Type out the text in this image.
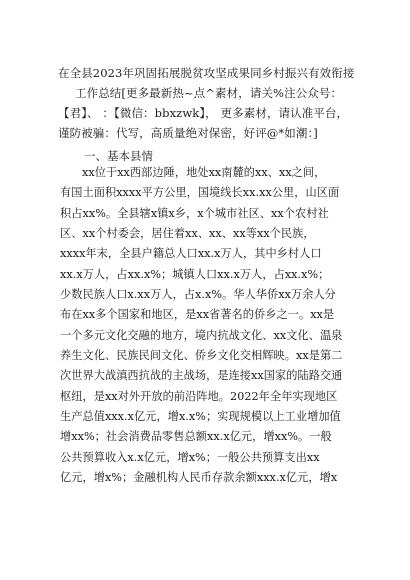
在全县2023年巩固拓展脱贫攻坚成果同乡村振兴有效衔接
工作总结[更多最新热~点^素材，请关%注公众号：
【君】、 ：【微信：bbxzwk】， 更多素材，请认准平台，
谨防被骗：代写，高质量绝对保密，好评@*如潮：]
一、基本县情
xx位于xx西部边陲，地处xx南麓的xx、xx之间，
有国土面积xxxx平方公里，国境线长xx.xx公里，山区面
积占xx%。全县辖x镇x乡，x个城市社区、xx个农村社
区、xx个村委会，居住着xx、xx、xx等xx个民族，
xxxx年末，全县户籍总人口xx.x万人，其中乡村人口
xx.x万人，占xx.x%；城镇人口xx.x万人，占xx.x%；
少数民族人口x.xx万人，占x.x%。华人华侨xx万余人分
布在xx多个国家和地区，是xx省著名的侨乡之一。xx是
一个多元文化交融的地方，境内抗战文化、xx文化、温泉
养生文化、民族民间文化、侨乡文化交相辉映。xx是第二
次世界大战滇西抗战的主战场，是连接xx国家的陆路交通
枢纽，是xx对外开放的前沿阵地。2022年全年实现地区
生产总值xxx.x亿元，增x.x%；实现规模以上工业增加值
增xx%；社会消费品零售总额xx.x亿元，增xx%。一般
公共预算收入x.x亿元，增x%；一般公共预算支出xx
亿元，增x%；金融机构人民币存款余额xxx.x亿元，增x
